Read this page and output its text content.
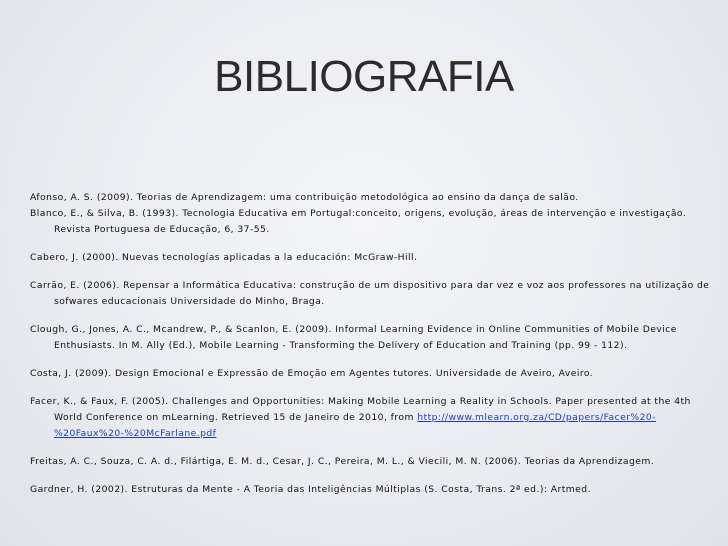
BIBLIOGRAFIA
Afonso, A. S. (2009). Teorias de Aprendizagem: uma contribuição metodológica ao ensino da dança de salão.
Blanco, E., & Silva, B. (1993). Tecnologia Educativa em Portugal:conceito, origens, evolução, áreas de intervenção e investigação. Revista Portuguesa de Educação, 6, 37-55.
Cabero, J. (2000). Nuevas tecnologías aplicadas a la educación: McGraw-Hill.
Carrão, E. (2006). Repensar a Informática Educativa: construção de um dispositivo para dar vez e voz aos professores na utilização de sofwares educacionais Universidade do Minho, Braga.
Clough, G., Jones, A. C., Mcandrew, P., & Scanlon, E. (2009). Informal Learning Evidence in Online Communities of Mobile Device Enthusiasts. In M. Ally (Ed.), Mobile Learning - Transforming the Delivery of Education and Training (pp. 99 - 112).
Costa, J. (2009). Design Emocional e Expressão de Emoção em Agentes tutores. Universidade de Aveiro, Aveiro.
Facer, K., & Faux, F. (2005). Challenges and Opportunities: Making Mobile Learning a Reality in Schools. Paper presented at the 4th World Conference on mLearning. Retrieved 15 de Janeiro de 2010, from http://www.mlearn.org.za/CD/papers/Facer%20-%20Faux%20-%20McFarlane.pdf
Freitas, A. C., Souza, C. A. d., Filártiga, E. M. d., Cesar, J. C., Pereira, M. L., & Viecili, M. N. (2006). Teorias da Aprendizagem.
Gardner, H. (2002). Estruturas da Mente - A Teoria das Inteligências Múltiplas (S. Costa, Trans. 2ª ed.): Artmed.
